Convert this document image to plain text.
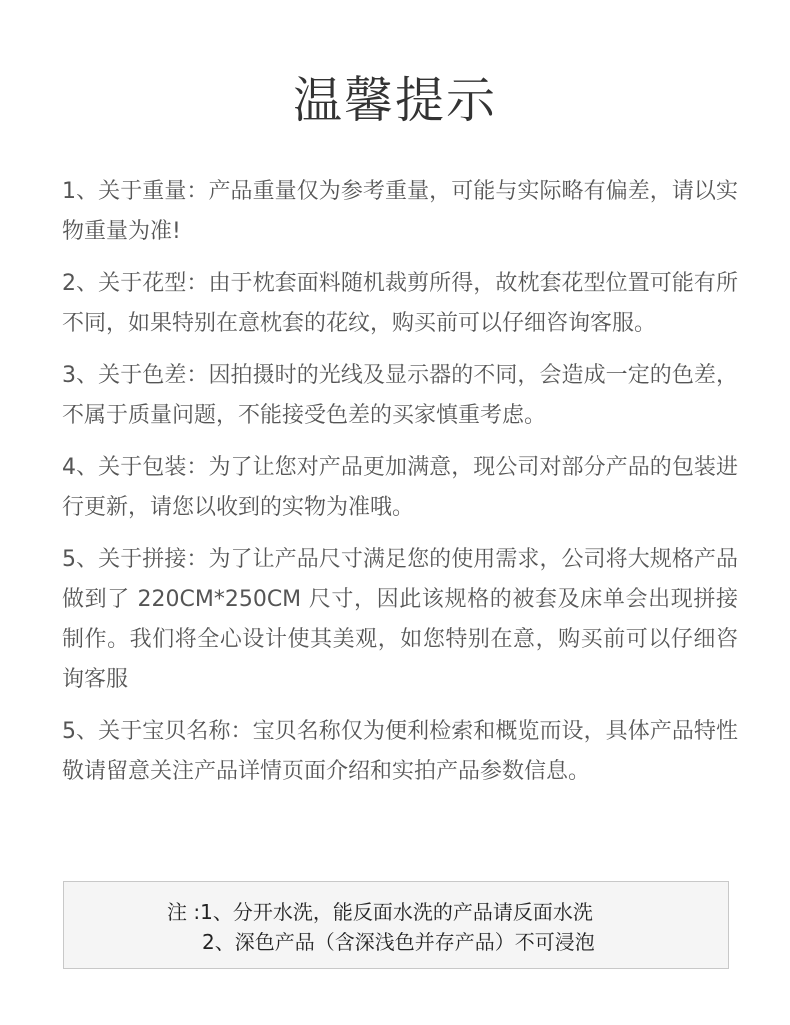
温馨提示

1、关于重量：产品重量仅为参考重量，可能与实际略有偏差，请以实物重量为准!

2、关于花型：由于枕套面料随机裁剪所得，故枕套花型位置可能有所不同，如果特别在意枕套的花纹，购买前可以仔细咨询客服。

3、关于色差：因拍摄时的光线及显示器的不同，会造成一定的色差，不属于质量问题，不能接受色差的买家慎重考虑。

4、关于包装：为了让您对产品更加满意，现公司对部分产品的包装进行更新，请您以收到的实物为准哦。

5、关于拼接：为了让产品尺寸满足您的使用需求，公司将大规格产品做到了 220CM*250CM 尺寸，因此该规格的被套及床单会出现拼接制作。我们将全心设计使其美观，如您特别在意，购买前可以仔细咨询客服

5、关于宝贝名称：宝贝名称仅为便利检索和概览而设，具体产品特性敬请留意关注产品详情页面介绍和实拍产品参数信息。

注 :1、分开水洗，能反面水洗的产品请反面水洗
2、深色产品（含深浅色并存产品）不可浸泡
